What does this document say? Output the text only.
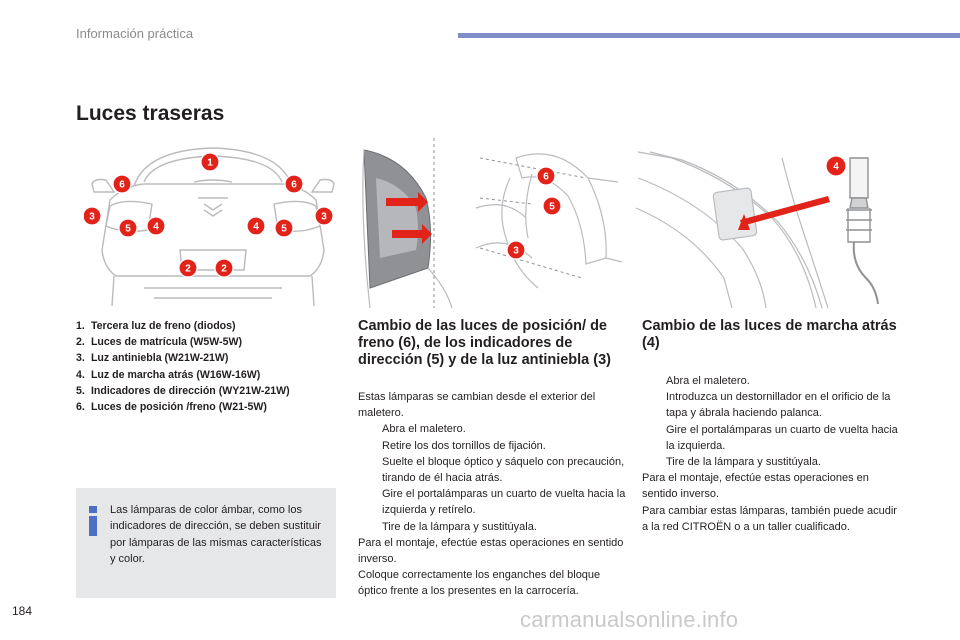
Información práctica
Luces traseras
1
6	6
3	3
5 4	4 5
2	2
6
5
3
4
1. Tercera luz de freno (diodos)
2. Luces de matrícula (W5W-5W)
3. Luz antiniebla (W21W-21W)
4. Luz de marcha atrás (W16W-16W)
5. Indicadores de dirección (WY21W-21W)
6. Luces de posición /freno (W21-5W)
Las lámparas de color ámbar, como los indicadores de dirección, se deben sustituir por lámparas de las mismas características y color.
Cambio de las luces de posición/ de freno (6), de los indicadores de dirección (5) y de la luz antiniebla (3)

Estas lámparas se cambian desde el exterior del maletero.

Abra el maletero.
Retire los dos tornillos de fijación.
Suelte el bloque óptico y sáquelo con precaución, tirando de él hacia atrás.
Gire el portalámparas un cuarto de vuelta hacia la izquierda y retírelo.
Tire de la lámpara y sustitúyala.

Para el montaje, efectúe estas operaciones en sentido inverso.

Coloque correctamente los enganches del bloque óptico frente a los presentes en la carrocería.

Cambio de las luces de marcha atrás (4)
Abra el maletero.
Introduzca un destornillador en el orificio de la tapa y ábrala haciendo palanca.
Gire el portalámparas un cuarto de vuelta hacia la izquierda.
Tire de la lámpara y sustitúyala.

Para el montaje, efectúe estas operaciones en sentido inverso.

Para cambiar estas lámparas, también puede acudir a la red CITROËN o a un taller cualificado.

184	carmanualsonline.info
